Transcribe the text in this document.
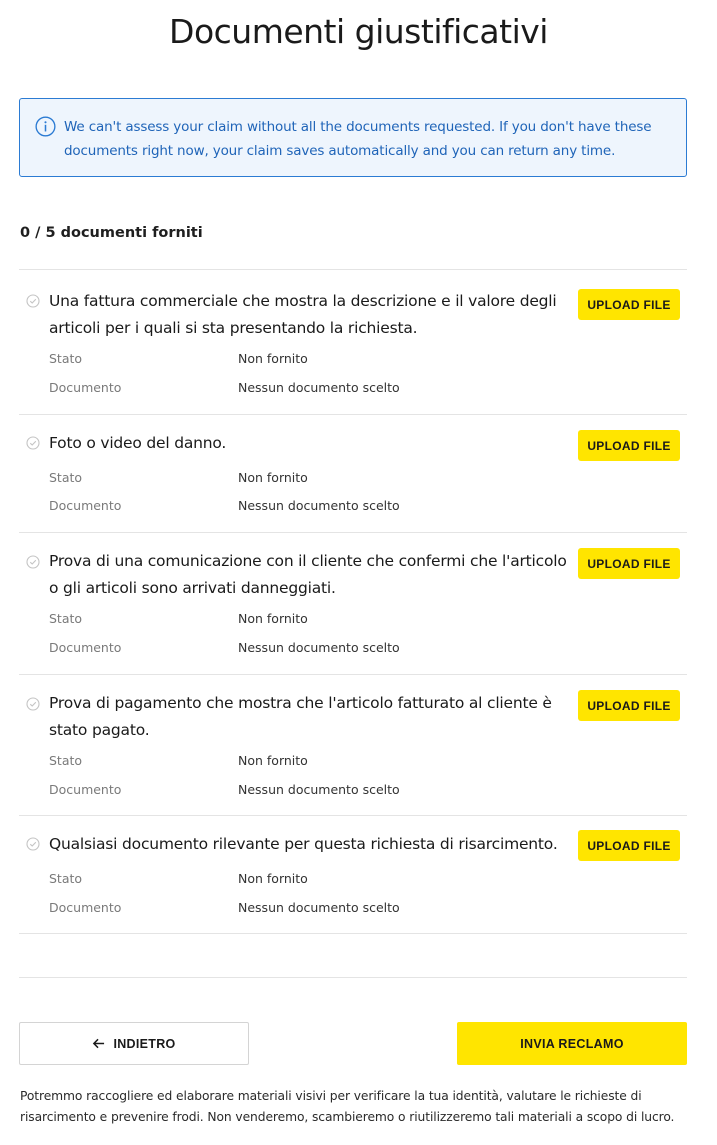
Documenti giustificativi

We can't assess your claim without all the documents requested. If you don't have these documents right now, your claim saves automatically and you can return any time.

0 / 5 documenti forniti
Una fattura commerciale che mostra la descrizione e il valore degli articoli per i quali si sta presentando la richiesta.
UPLOAD FILE
Stato	Non fornito
Documento	Nessun documento scelto
Foto o video del danno.	UPLOAD FILE
Stato	Non fornito
Documento	Nessun documento scelto
Prova di una comunicazione con il cliente che confermi che l'articolo o gli articoli sono arrivati danneggiati.
UPLOAD FILE
Stato	Non fornito
Documento	Nessun documento scelto
Prova di pagamento che mostra che l'articolo fatturato al cliente è stato pagato.
UPLOAD FILE
Stato	Non fornito
Documento	Nessun documento scelto
Qualsiasi documento rilevante per questa richiesta di risarcimento.	UPLOAD FILE
Stato	Non fornito
Documento	Nessun documento scelto
INDIETRO	INVIA RECLAMO

Potremmo raccogliere ed elaborare materiali visivi per verificare la tua identità, valutare le richieste di risarcimento e prevenire frodi. Non venderemo, scambieremo o riutilizzeremo tali materiali a scopo di lucro.
